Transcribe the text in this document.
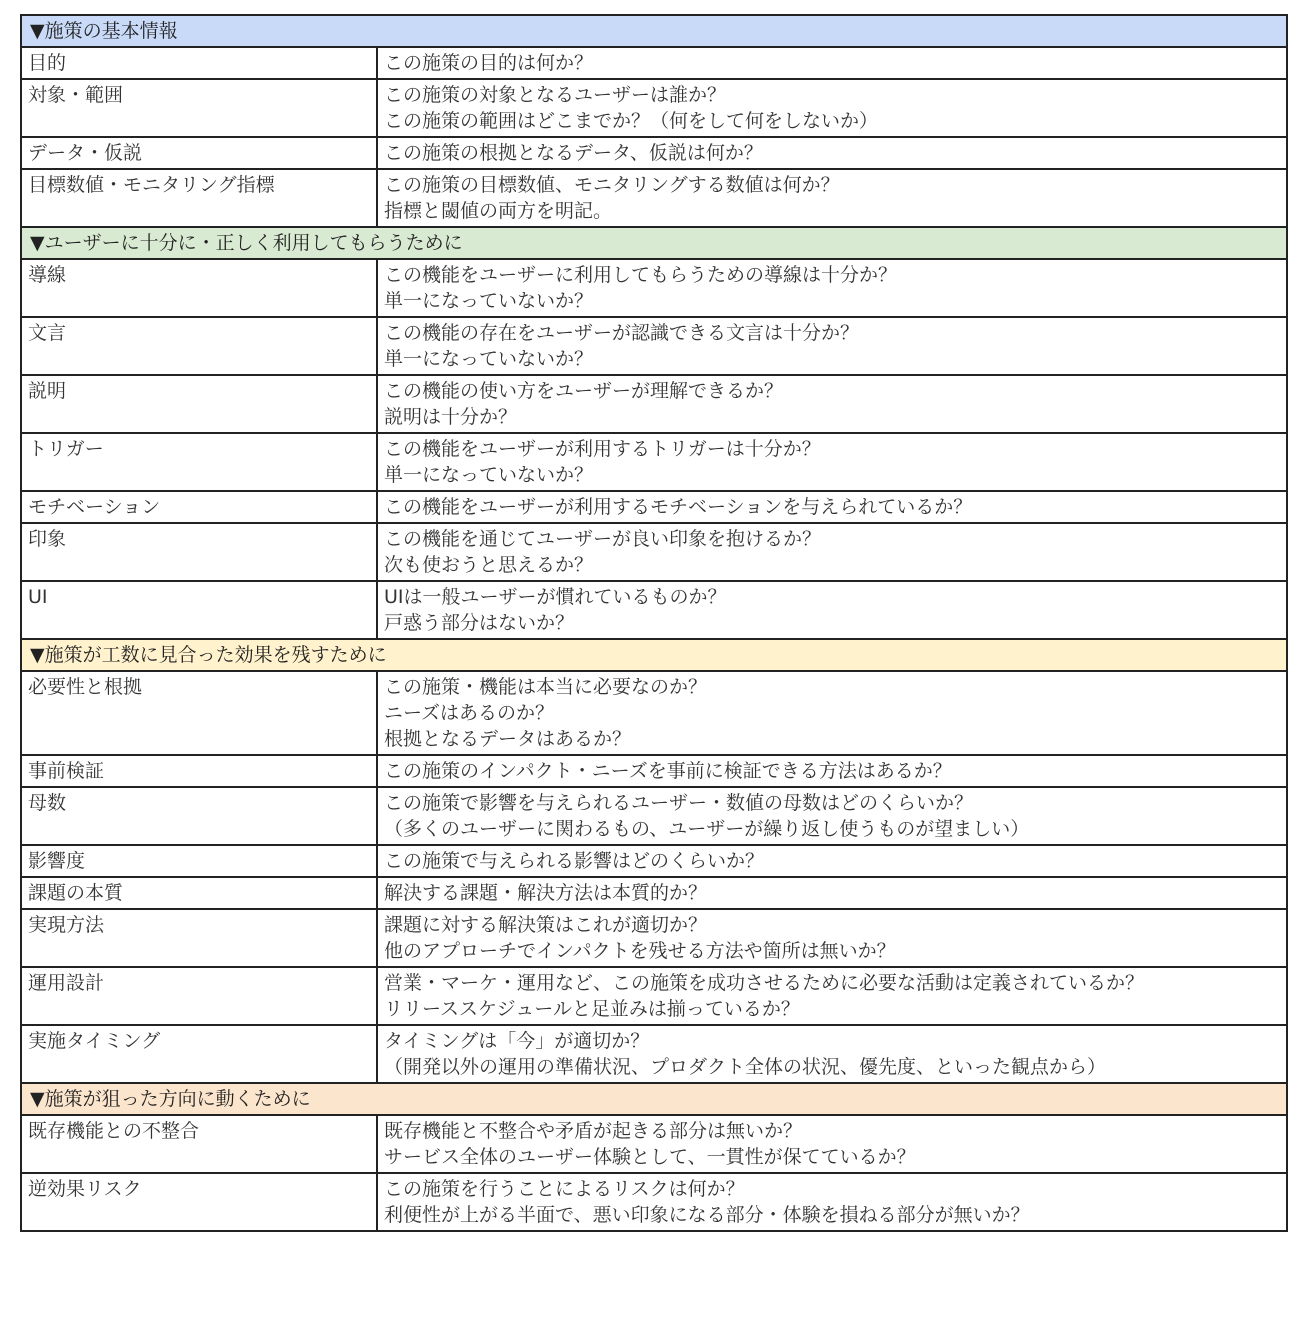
▼施策の基本情報	
目的	この施策の目的は何か？

対象・範囲	この施策の対象となるユーザーは誰か？
この施策の範囲はどこまでか？（何をして何をしないか）

データ・仮説	この施策の根拠となるデータ、仮説は何か？

目標数値・モニタリング指標	この施策の目標数値、モニタリングする数値は何か？
指標と閾値の両方を明記。

▼ユーザーに十分に・正しく利用してもらうために	
導線	この機能をユーザーに利用してもらうための導線は十分か？
単一になっていないか？

文言	この機能の存在をユーザーが認識できる文言は十分か？
単一になっていないか？

説明	この機能の使い方をユーザーが理解できるか？
説明は十分か？

トリガー	この機能をユーザーが利用するトリガーは十分か？
単一になっていないか？

モチベーション	この機能をユーザーが利用するモチベーションを与えられているか？

印象	この機能を通じてユーザーが良い印象を抱けるか？
次も使おうと思えるか？

UI	UIは一般ユーザーが慣れているものか？
戸惑う部分はないか？

▼施策が工数に見合った効果を残すために	
必要性と根拠	この施策・機能は本当に必要なのか？
ニーズはあるのか？
根拠となるデータはあるか？

事前検証	この施策のインパクト・ニーズを事前に検証できる方法はあるか？

母数	この施策で影響を与えられるユーザー・数値の母数はどのくらいか？
（多くのユーザーに関わるもの、ユーザーが繰り返し使うものが望ましい）

影響度	この施策で与えられる影響はどのくらいか？

課題の本質	解決する課題・解決方法は本質的か？

実現方法	課題に対する解決策はこれが適切か？
他のアプローチでインパクトを残せる方法や箇所は無いか？

運用設計	営業・マーケ・運用など、この施策を成功させるために必要な活動は定義されているか？
リリーススケジュールと足並みは揃っているか？

実施タイミング	タイミングは「今」が適切か？
（開発以外の運用の準備状況、プロダクト全体の状況、優先度、といった観点から）

▼施策が狙った方向に動くために	
既存機能との不整合	既存機能と不整合や矛盾が起きる部分は無いか？
サービス全体のユーザー体験として、一貫性が保てているか？

逆効果リスク	この施策を行うことによるリスクは何か？
利便性が上がる半面で、悪い印象になる部分・体験を損ねる部分が無いか？
